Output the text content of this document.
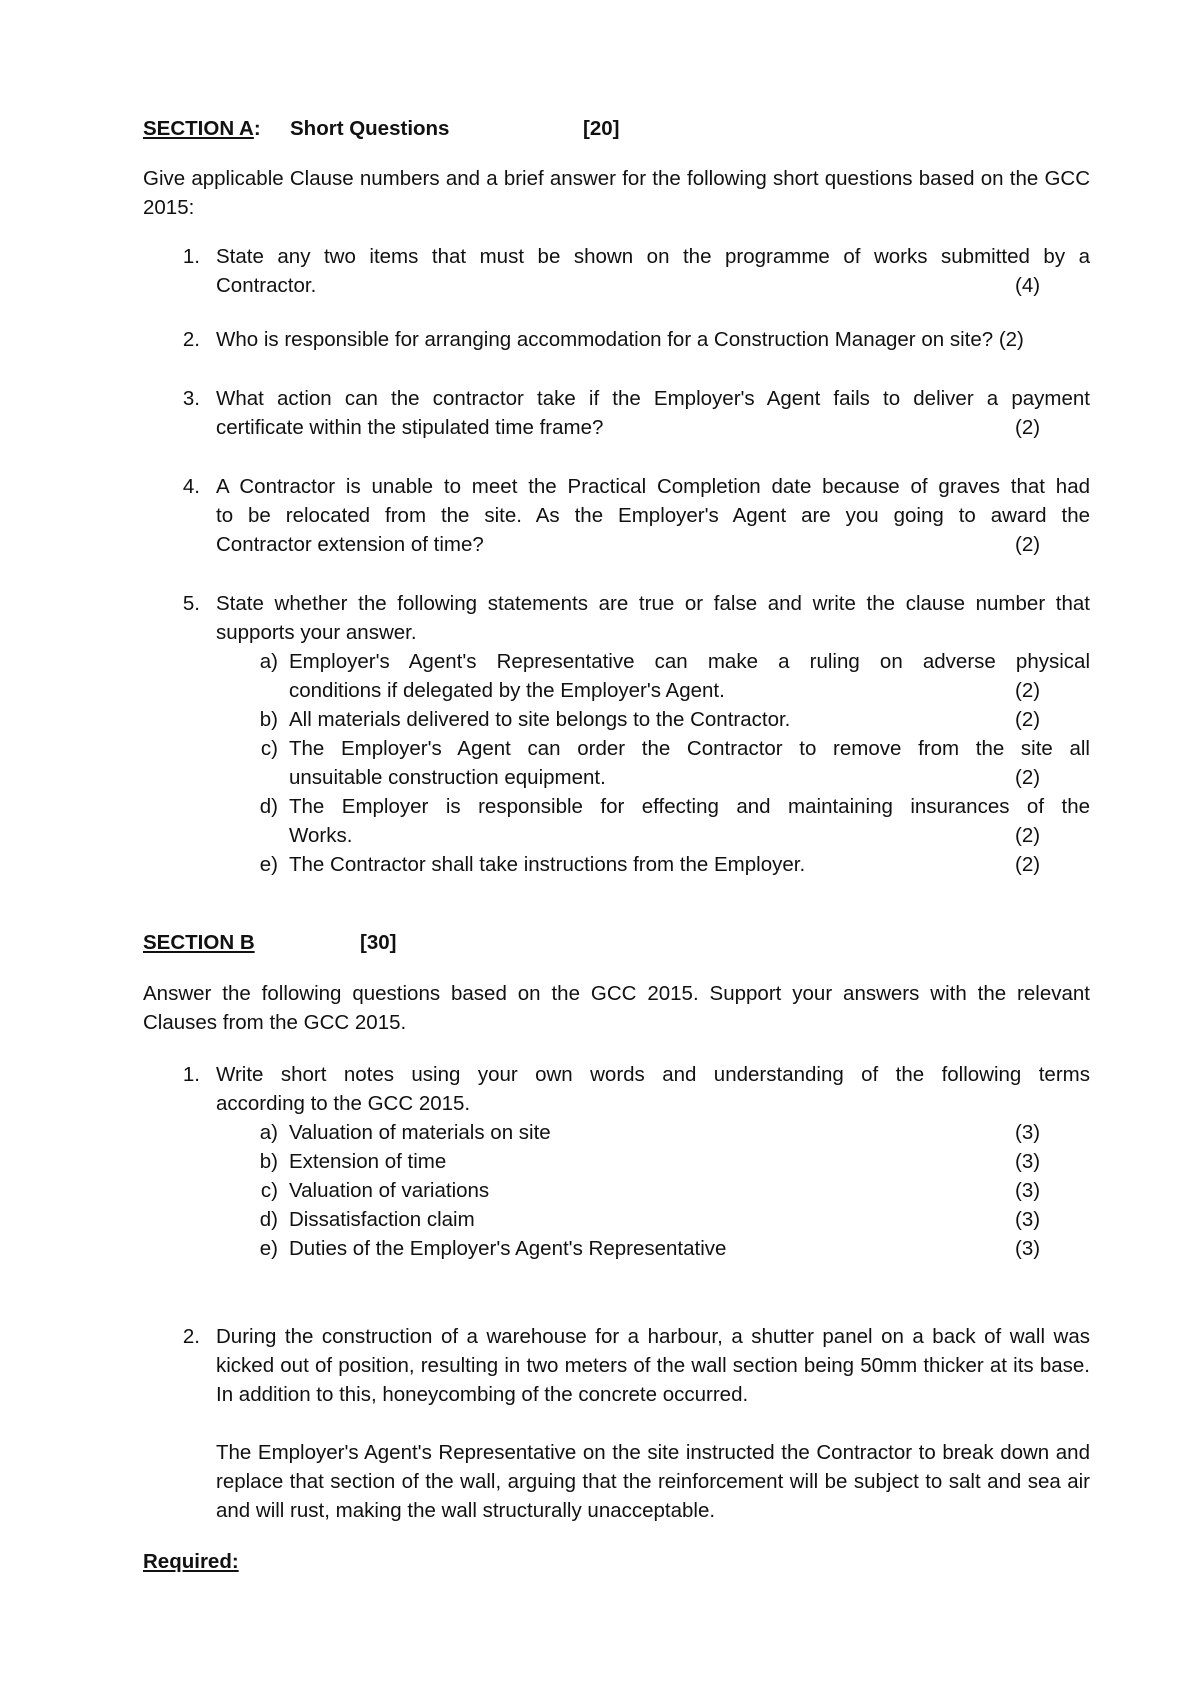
SECTION A: Short Questions	[20]
Give applicable Clause numbers and a brief answer for the following short questions based on the GCC 2015:
1. State any two items that must be shown on the programme of works submitted by a
Contractor.	(4)
2. Who is responsible for arranging accommodation for a Construction Manager on site? (2)
3. What action can the contractor take if the Employer's Agent fails to deliver a payment
certificate within the stipulated time frame?	(2)
4. A Contractor is unable to meet the Practical Completion date because of graves that had
to be relocated from the site. As the Employer's Agent are you going to award the
Contractor extension of time?	(2)
5. State whether the following statements are true or false and write the clause number that
supports your answer.
a) Employer's Agent's Representative can make a ruling on adverse physical
conditions if delegated by the Employer's Agent.	(2)
b) All materials delivered to site belongs to the Contractor.	(2)
c) The Employer's Agent can order the Contractor to remove from the site all
unsuitable construction equipment.	(2)
d) The Employer is responsible for effecting and maintaining insurances of the
Works.	(2)
e) The Contractor shall take instructions from the Employer.	(2)
SECTION B	[30]
Answer the following questions based on the GCC 2015. Support your answers with the relevant Clauses from the GCC 2015.
1. Write short notes using your own words and understanding of the following terms
according to the GCC 2015.
a) Valuation of materials on site	(3)
b) Extension of time	(3)
c) Valuation of variations	(3)
d) Dissatisfaction claim	(3)
e) Duties of the Employer's Agent's Representative	(3)
2. During the construction of a warehouse for a harbour, a shutter panel on a back of wall was kicked out of position, resulting in two meters of the wall section being 50mm thicker at its base. In addition to this, honeycombing of the concrete occurred.
The Employer's Agent's Representative on the site instructed the Contractor to break down and replace that section of the wall, arguing that the reinforcement will be subject to salt and sea air and will rust, making the wall structurally unacceptable.
Required:
